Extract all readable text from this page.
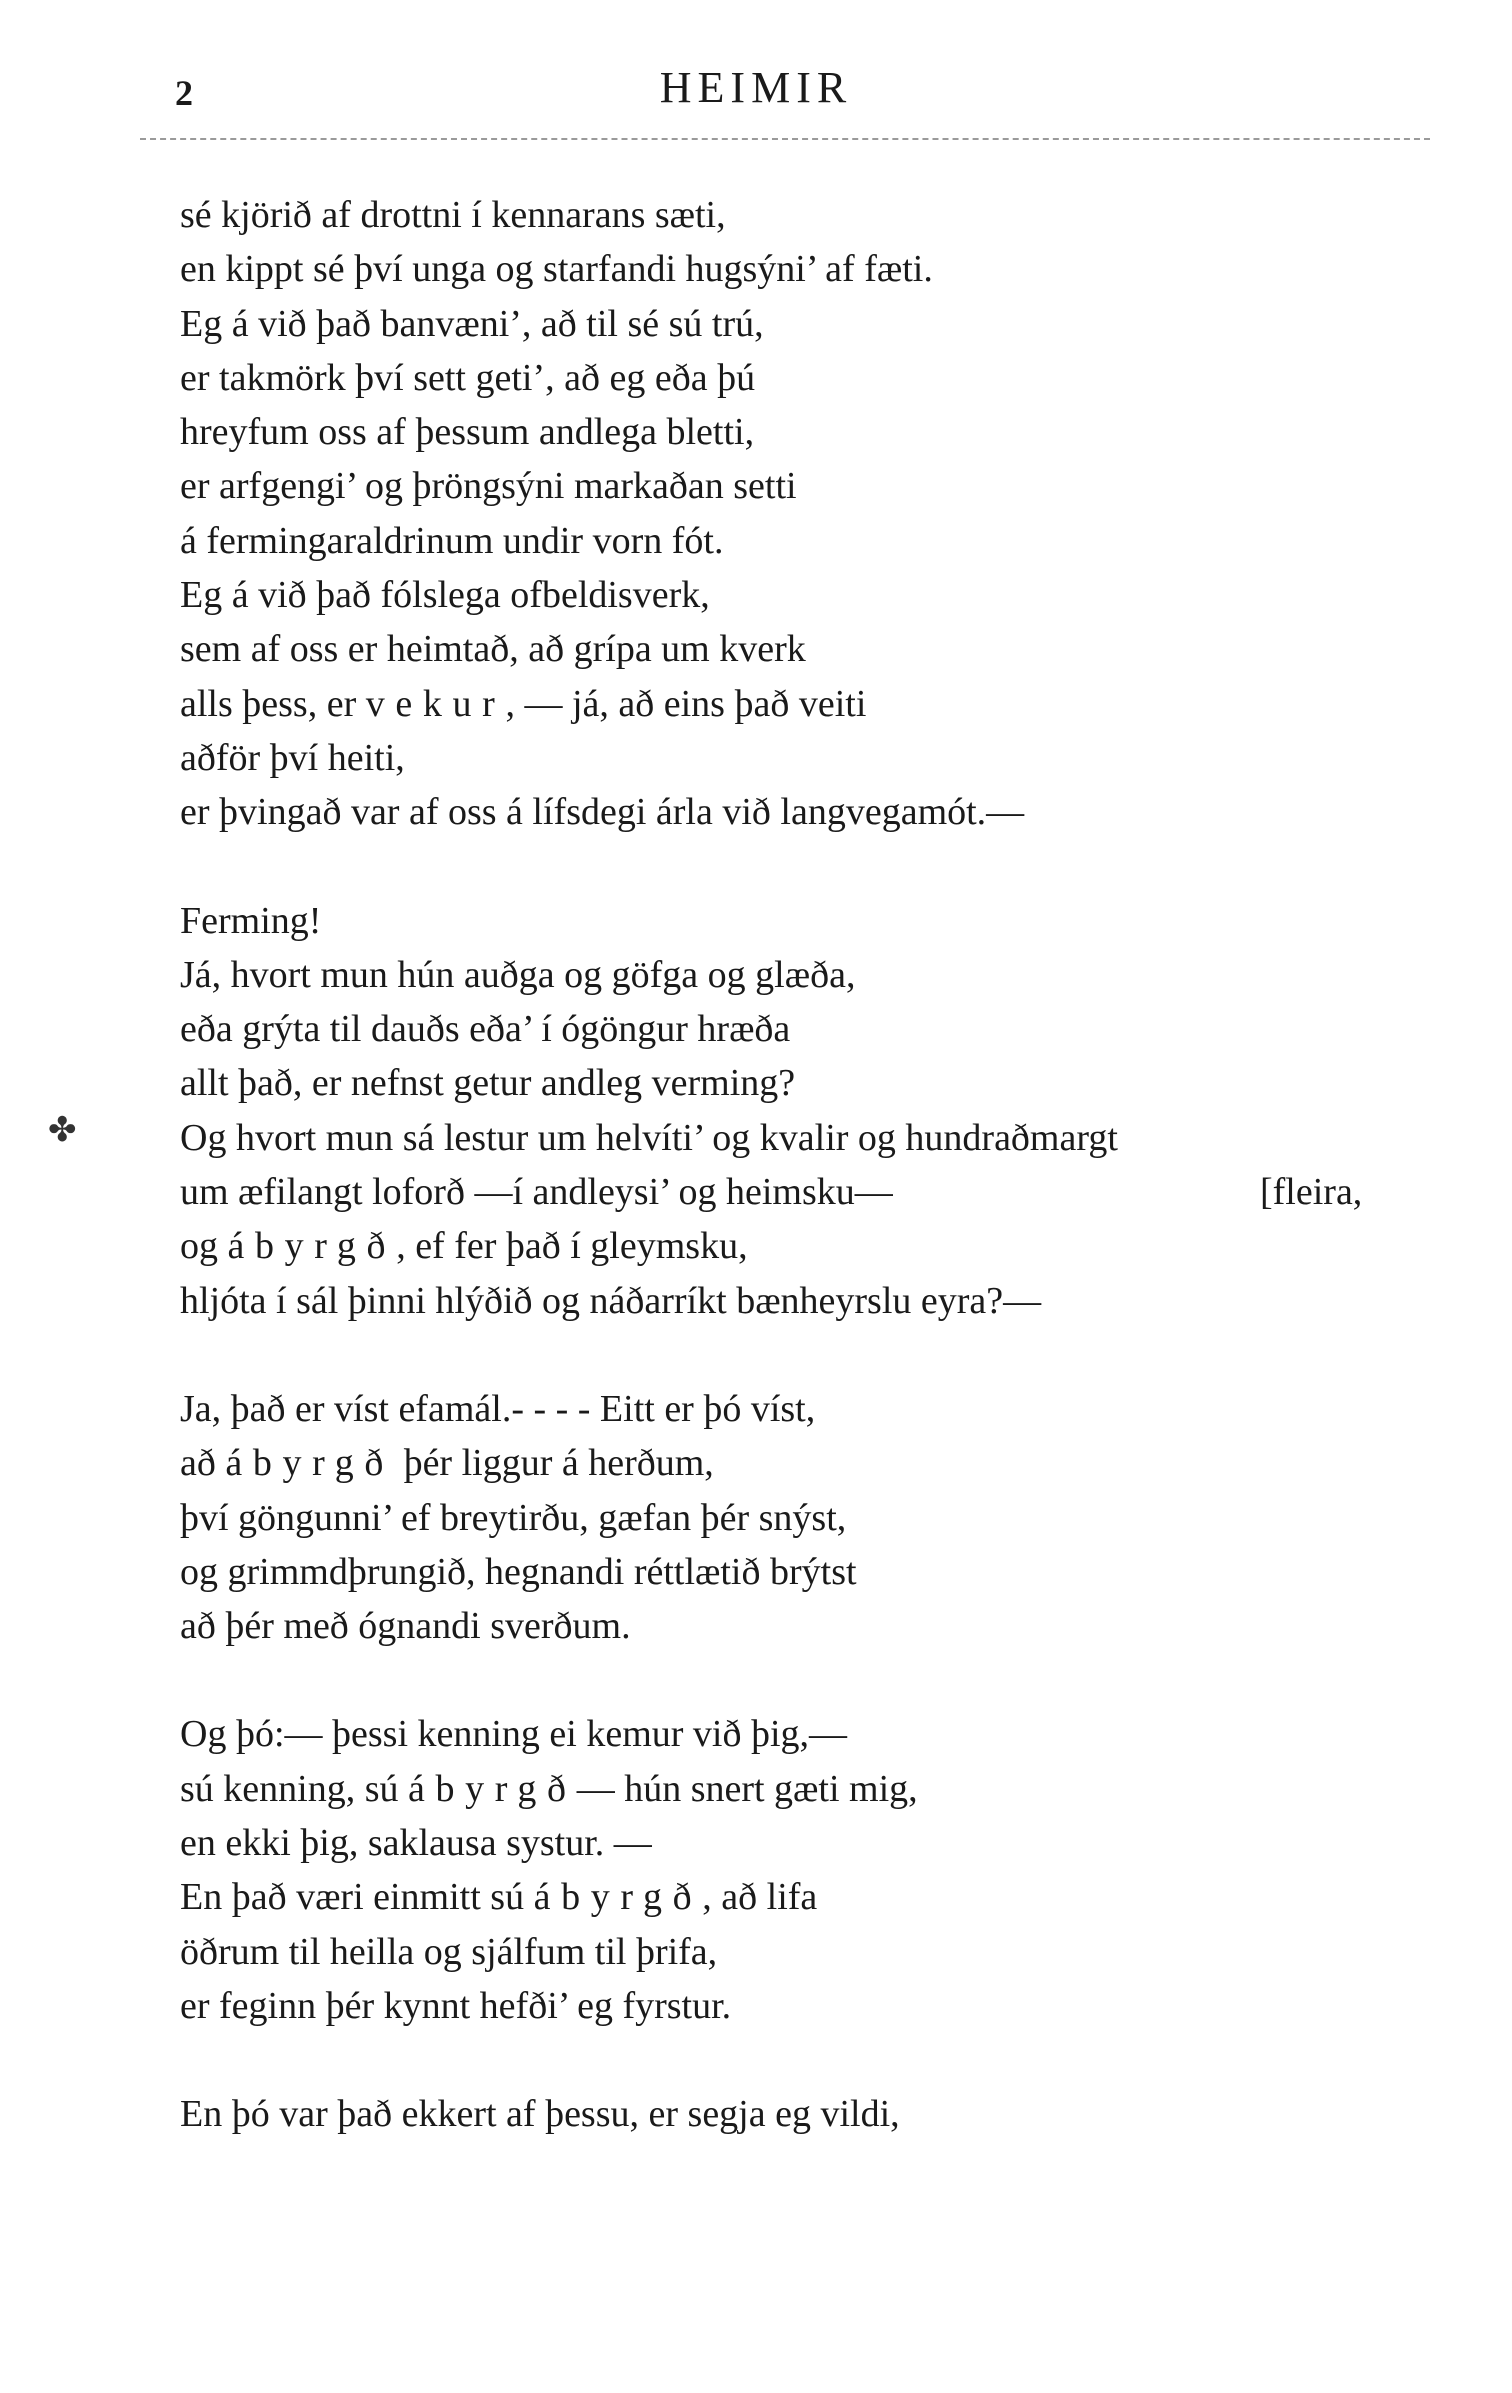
2	HEIMIR
✤
sé kjörið af drottni í kennarans sæti,
en kippt sé því unga og starfandi hugsýni’ af fæti.
Eg á við það banvæni’, að til sé sú trú,
er takmörk því sett geti’, að eg eða þú
hreyfum oss af þessum andlega bletti,
er arfgengi’ og þröngsýni markaðan setti
á fermingaraldrinum undir vorn fót.
Eg á við það fólslega ofbeldisverk,
sem af oss er heimtað, að grípa um kverk
alls þess, er vekur, — já, að eins það veiti
aðför því heiti,
er þvingað var af oss á lífsdegi árla við langvegamót.—
Ferming!
Já, hvort mun hún auðga og göfga og glæða,
eða grýta til dauðs eða’ í ógöngur hræða
allt það, er nefnst getur andleg verming?
Og hvort mun sá lestur um helvíti’ og kvalir og hundraðmargt
um æfilangt loforð —í andleysi’ og heimsku—	[fleira,
og ábyrgð, ef fer það í gleymsku,
hljóta í sál þinni hlýðið og náðarríkt bænheyrslu eyra?—
Ja, það er víst efamál.- - - - Eitt er þó víst,
að ábyrgð þér liggur á herðum,
því göngunni’ ef breytirðu, gæfan þér snýst,
og grimmdþrungið, hegnandi réttlætið brýtst
að þér með ógnandi sverðum.
Og þó:— þessi kenning ei kemur við þig,—
sú kenning, sú ábyrgð— hún snert gæti mig,
en ekki þig, saklausa systur. —
En það væri einmitt sú ábyrgð, að lifa
öðrum til heilla og sjálfum til þrifa,
er feginn þér kynnt hefði’ eg fyrstur.
En þó var það ekkert af þessu, er segja eg vildi,
